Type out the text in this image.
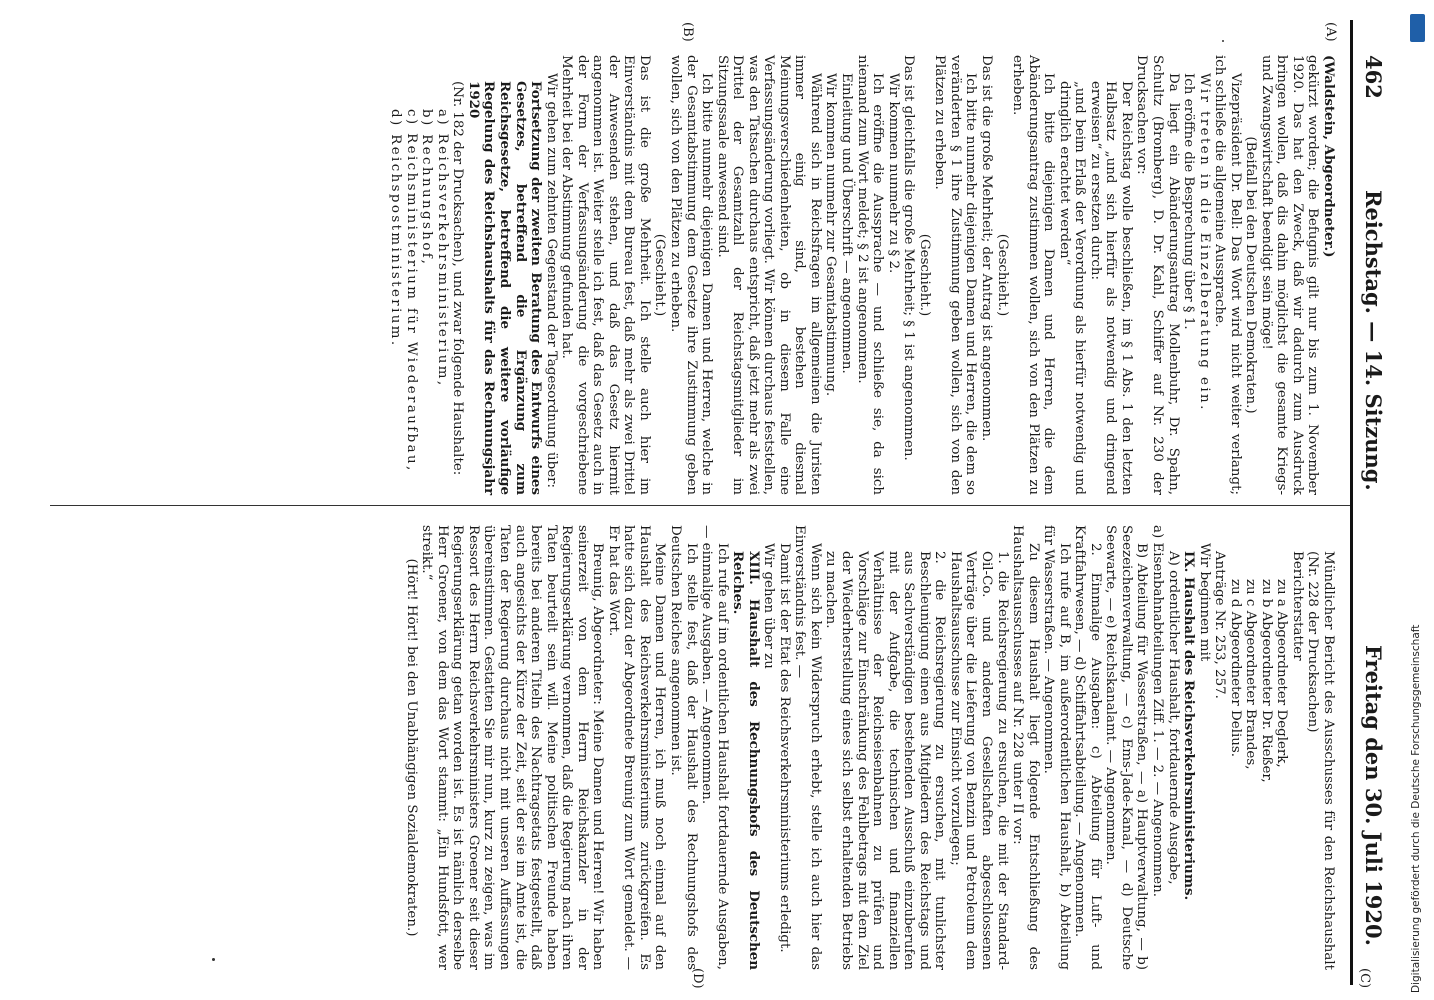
462
Reichstag. — 14. Sitzung.
Freitag den 30. Juli 1920.
(A)
(B)
(C)
(D)

(Waldstein, Abgeordneter.)

gekürzt worden; die Befugnis gilt nur bis zum 1. November 1920. Das hat den Zweck, daß wir dadurch zum Ausdruck bringen wollen, daß dis dahin möglichst die gesamte Kriegs- und Zwangswirtschaft beendigt sein möge!

(Beifall bei den Deutschen Demokraten.)

Vizepräsident Dr. Bell: Das Wort wird nicht weiter verlangt; ich schließe die allgemeine Aussprache.

Wir treten in die Einzelberatung ein.

Ich eröffne die Besprechung über § 1.

Da liegt ein Abänderungsantrag Mollenbuhr, Dr. Spahn, Schultz (Bromberg), D. Dr. Kahl, Schiffer auf Nr. 230 der Drucksachen vor:

Der Reichstag wolle beschließen, im § 1 Abs. 1 den letzten Halbsatz „und sich hierfür als notwendig und dringend erweisen“ zu ersetzen durch:

„und beim Erlaß der Verordnung als hierfür notwendig und dringlich erachtet werden“

Ich bitte diejenigen Damen und Herren, die dem Abänderungsantrag zustimmen wollen, sich von den Plätzen zu erheben.

(Geschieht.)

Das ist die große Mehrheit; der Antrag ist angenommen.

Ich bitte nunmehr diejenigen Damen und Herren, die dem so veränderten § 1 ihre Zustimmung geben wollen, sich von den Plätzen zu erheben.

(Geschieht.)

Das ist gleichfalls die große Mehrheit; § 1 ist angenommen.

Wir kommen nunmehr zu § 2.

Ich eröffne die Aussprache — und schließe sie, da sich niemand zum Wort meldet; § 2 ist angenommen.

Einleitung und Überschrift — angenommen.

Wir kommen nunmehr zur Gesamtabstimmung.

Während sich in Reichsfragen im allgemeinen die Juristen immer einig sind, bestehen diesmal Meinungsverschiedenheiten, ob in diesem Falle eine Verfassungsänderung vorliegt. Wir können durchaus feststellen, was den Tatsachen durchaus entspricht, daß jetzt mehr als zwei Drittel der Gesamtzahl der Reichstagsmitglieder im Sitzungssaale anwesend sind.

Ich bitte nunmehr diejenigen Damen und Herren, welche in der Gesamtabstimmung dem Gesetze ihre Zustimmung geben wollen, sich von den Plätzen zu erheben.

(Geschieht.)

Das ist die große Mehrheit. Ich stelle auch hier im Einverständnis mit dem Bureau fest, daß mehr als zwei Drittel der Anwesenden stehen, und daß das Gesetz hiermit angenommen ist. Weiter stelle ich fest, daß das Gesetz auch in der Form der Verfassungsänderung die vorgeschriebene Mehrheit bei der Abstimmung gefunden hat.

Wir gehen zum zehnten Gegenstand der Tagesordnung über:

Fortsetzung der zweiten Beratung des Entwurfs eines Gesetzes, betreffend die Ergänzung zum Reichsgesetze, betreffend die weitere vorläufige Regelung des Reichshaushalts für das Rechnungsjahr 1920

(Nr. 182 der Drucksachen), und zwar folgende Haushalte:

a) Reichsverkehrsministerium,

b) Rechnungshof,

c) Reichsministerium für Wiederaufbau,

d) Reichspostministerium.

Mündlicher Bericht des Ausschusses für den Reichshaushalt (Nr. 228 der Drucksachen)

Berichterstatter

zu a Abgeordneter Deglerk,

zu b Abgeordneter Dr. Rießer,

zu c Abgeordneter Brandes,

zu d Abgeordneter Delius.

Anträge Nr. 253, 257.

Wir beginnen mit

IX. Haushalt des Reichsverkehrsministeriums.

A) ordentlicher Haushalt, fortdauernde Ausgabe,

a) Eisenbahnabteilungen Ziff. 1. — 2. — Angenommen.

B) Abteilung für Wasserstraßen, — a) Hauptverwaltung, — b) Seezeichenverwaltung, — c) Ems-Jade-Kanal, — d) Deutsche Seewarte, — e) Reichskanalamt. — Angenommen.

2. Einmalige Ausgaben: c) Abteilung für Luft- und Kraftfahrwesen, — d) Schiffahrtsabteilung. — Angenommen.

Ich rufe auf B, im außerordentlichen Haushalt, b) Abteilung für Wasserstraßen. — Angenommen.

Zu diesem Haushalt liegt folgende Entschließung des Haushaltsausschusses auf Nr. 228 unter II vor:

1. die Reichsregierung zu ersuchen, die mit der Standard-Oil-Co. und anderen Gesellschaften abgeschlossenen Verträge über die Lieferung von Benzin und Petroleum dem Haushaltsausschusse zur Einsicht vorzulegen;

2. die Reichsregierung zu ersuchen, mit tunlichster Beschleunigung einen aus Mitgliedern des Reichstags und aus Sachverständigen bestehenden Ausschuß einzuberufen mit der Aufgabe, die technischen und finanziellen Verhältnisse der Reichseisenbahnen zu prüfen und Vorschläge zur Einschränkung des Fehlbetrags mit dem Ziel der Wiederherstellung eines sich selbst erhaltenden Betriebs zu machen.

Wenn sich kein Widerspruch erhebt, stelle ich auch hier das Einverständnis fest. —

Damit ist der Etat des Reichsverkehrsministeriums erledigt.

Wir gehen über zu

XIII. Haushalt des Rechnungshofs des Deutschen Reiches.

Ich rufe auf im ordentlichen Haushalt fortdauernde Ausgaben, — einmalige Ausgaben. — Angenommen.

Ich stelle fest, daß der Haushalt des Rechnungshofs des Deutschen Reiches angenommen ist.

Meine Damen und Herren, ich muß noch einmal auf den Haushalt des Reichsverkehrsministeriums zurückgreifen. Es hatte sich dazu der Abgeordnete Breunig zum Wort gemeldet. — Er hat das Wort.

Breunig, Abgeordneter: Meine Damen und Herren! Wir haben seinerzeit von dem Herrn Reichskanzler in der Regierungserklärung vernommen, daß die Regierung nach ihren Taten beurteilt sein will. Meine politischen Freunde haben bereits bei anderen Titeln des Nachtragsetats festgestellt, daß auch angesichts der Kürze der Zeit, seit der sie im Amte ist, die Taten der Regierung durchaus nicht mit unseren Auffassungen übereinstimmen. Gestatten Sie mir nun, kurz zu zeigen, was im Ressort des Herrn Reichsverkehrsministers Groener seit dieser Regierungserklärung getan worden ist. Es ist nämlich derselbe Herr Groener, von dem das Wort stammt: „Ein Hundsfott, wer streikt.“

(Hört! Hört! bei den Unabhängigen Sozialdemokraten.)	Digitalisierung gefördert durch die Deutsche Forschungsgemeinschaft
